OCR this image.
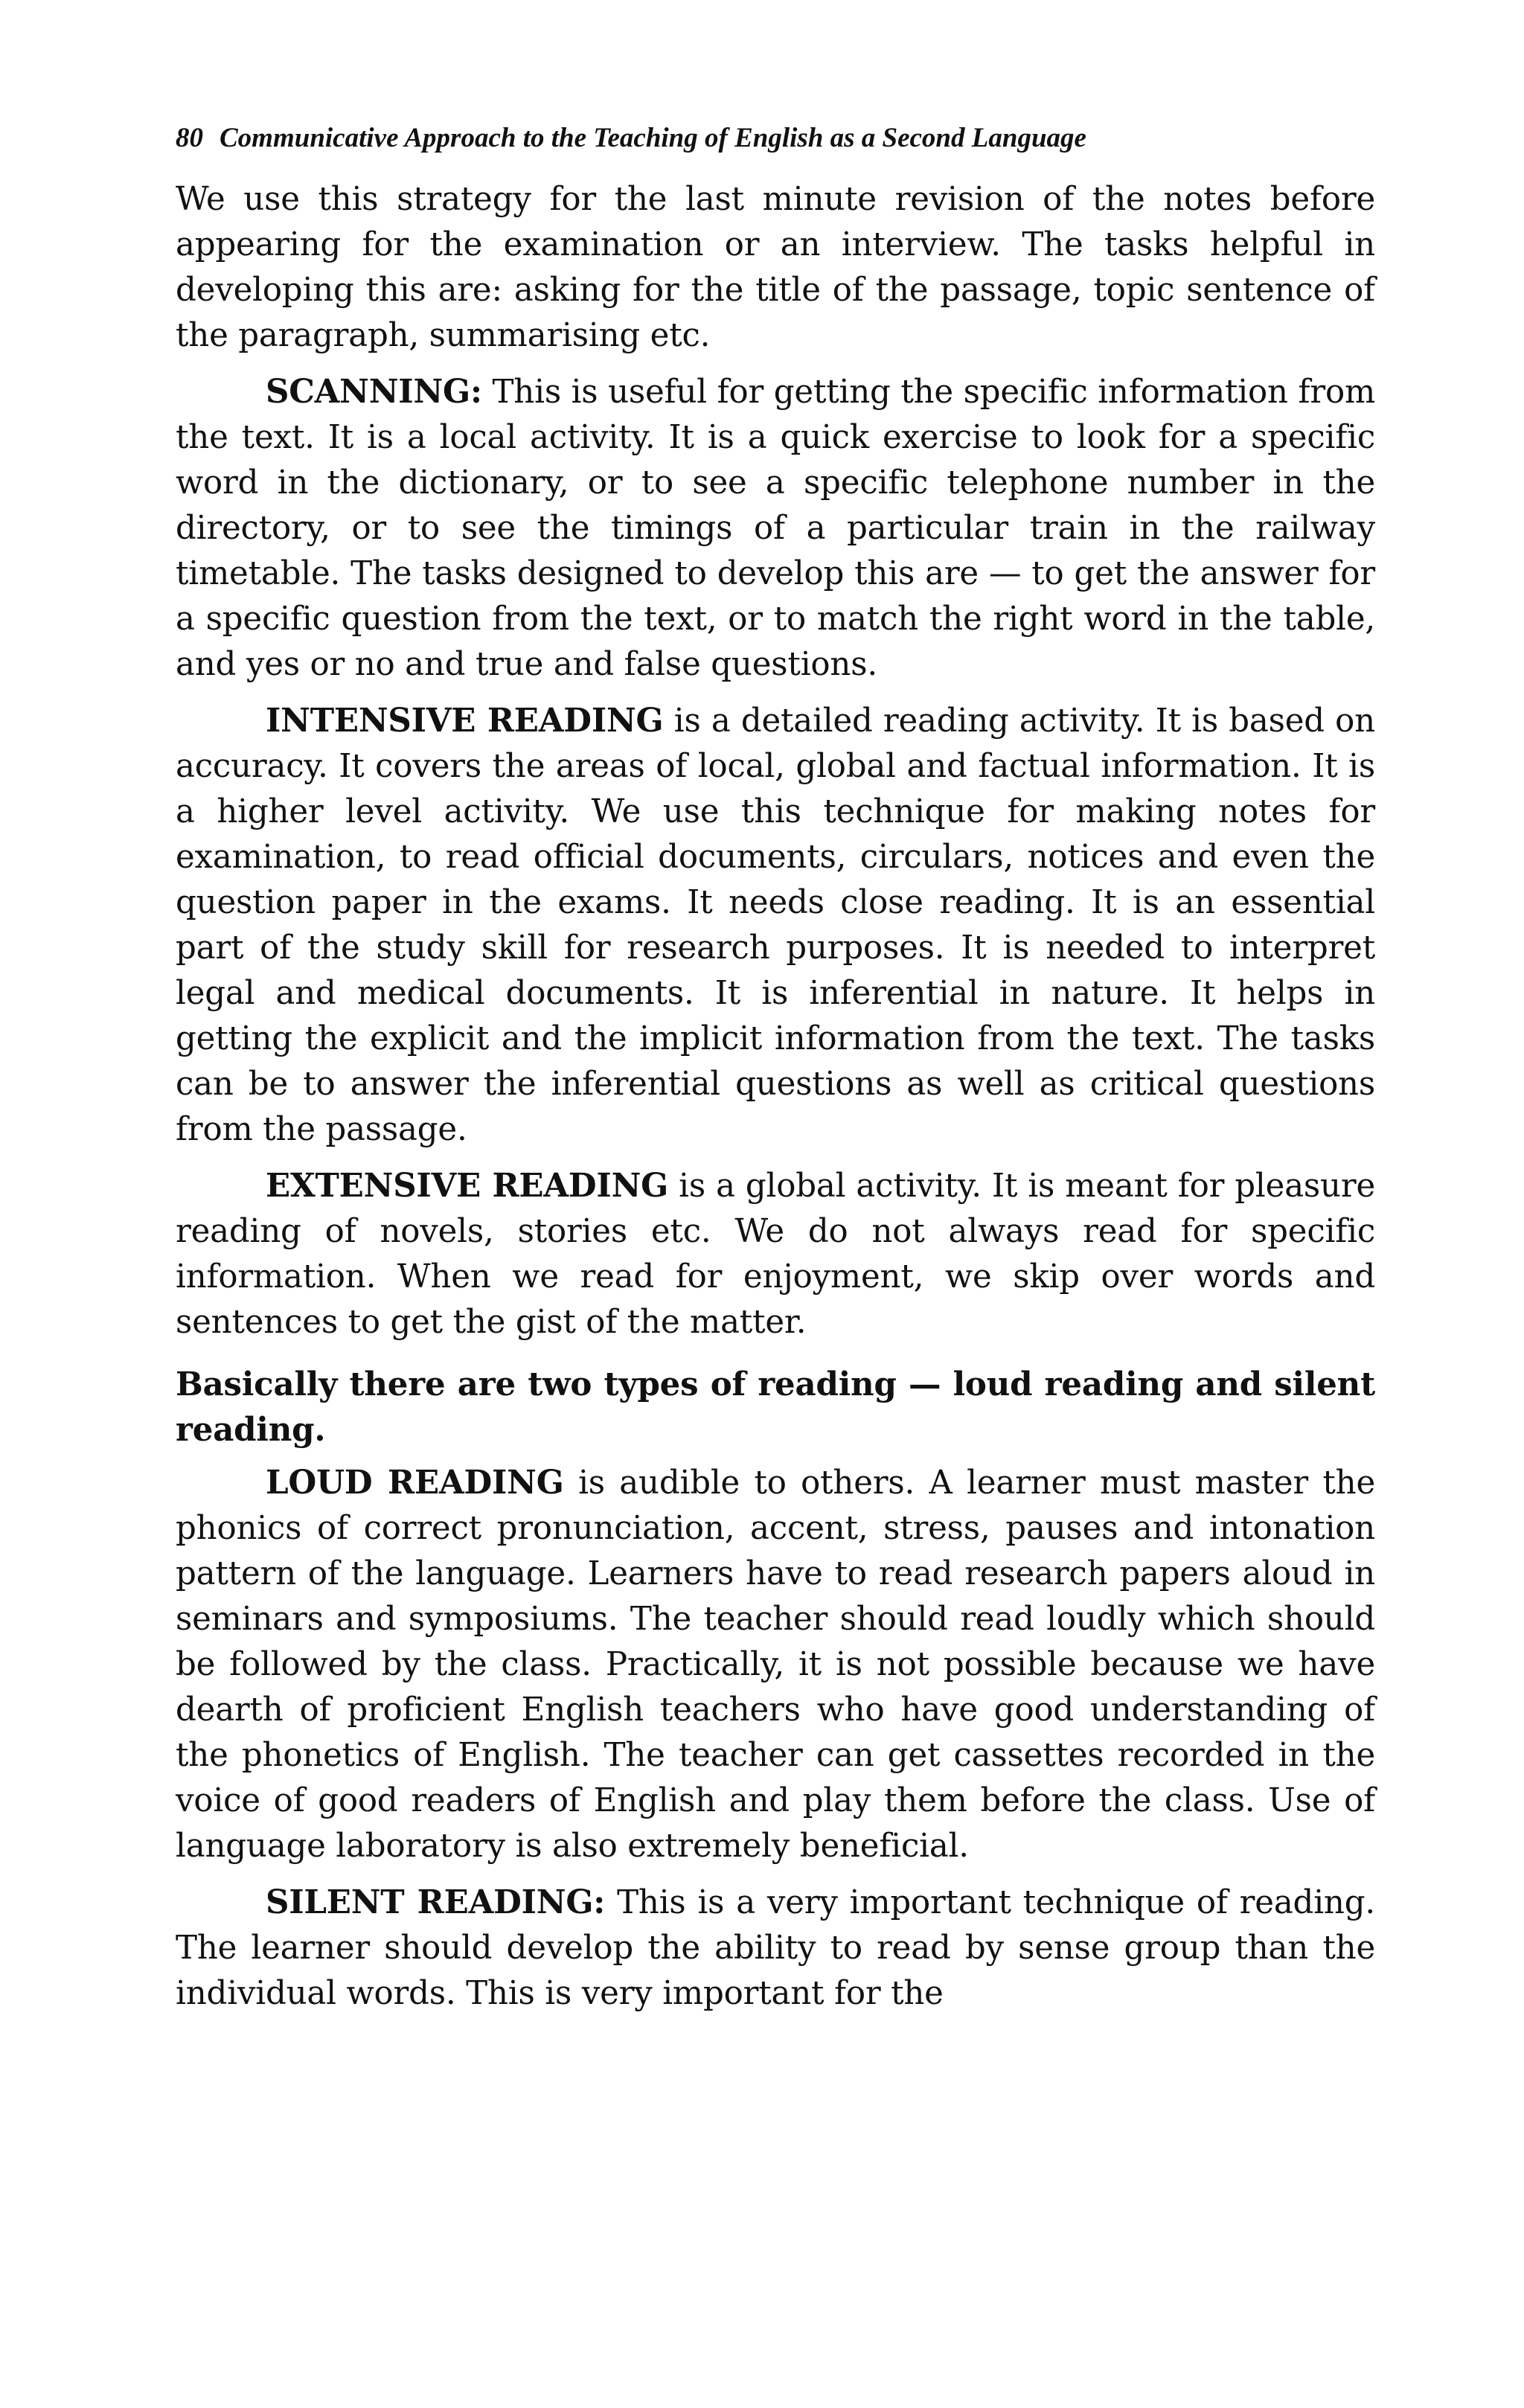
80 Communicative Approach to the Teaching of English as a Second Language

We use this strategy for the last minute revision of the notes before appearing for the examination or an interview. The tasks helpful in developing this are: asking for the title of the passage, topic sentence of the paragraph, summarising etc.

SCANNING: This is useful for getting the specific information from the text. It is a local activity. It is a quick exercise to look for a specific word in the dictionary, or to see a specific telephone number in the directory, or to see the timings of a particular train in the railway timetable. The tasks designed to develop this are — to get the answer for a specific question from the text, or to match the right word in the table, and yes or no and true and false questions.

INTENSIVE READING is a detailed reading activity. It is based on accuracy. It covers the areas of local, global and factual information. It is a higher level activity. We use this technique for making notes for examination, to read official documents, circulars, notices and even the question paper in the exams. It needs close reading. It is an essential part of the study skill for research purposes. It is needed to interpret legal and medical documents. It is inferential in nature. It helps in getting the explicit and the implicit information from the text. The tasks can be to answer the inferential questions as well as critical questions from the passage.

EXTENSIVE READING is a global activity. It is meant for pleasure reading of novels, stories etc. We do not always read for specific information. When we read for enjoyment, we skip over words and sentences to get the gist of the matter.

Basically there are two types of reading — loud reading and silent reading.

LOUD READING is audible to others. A learner must master the phonics of correct pronunciation, accent, stress, pauses and intonation pattern of the language. Learners have to read research papers aloud in seminars and symposiums. The teacher should read loudly which should be followed by the class. Practically, it is not possible because we have dearth of proficient English teachers who have good understanding of the phonetics of English. The teacher can get cassettes recorded in the voice of good readers of English and play them before the class. Use of language laboratory is also extremely beneficial.

SILENT READING: This is a very important technique of reading. The learner should develop the ability to read by sense group than the individual words. This is very important for the
